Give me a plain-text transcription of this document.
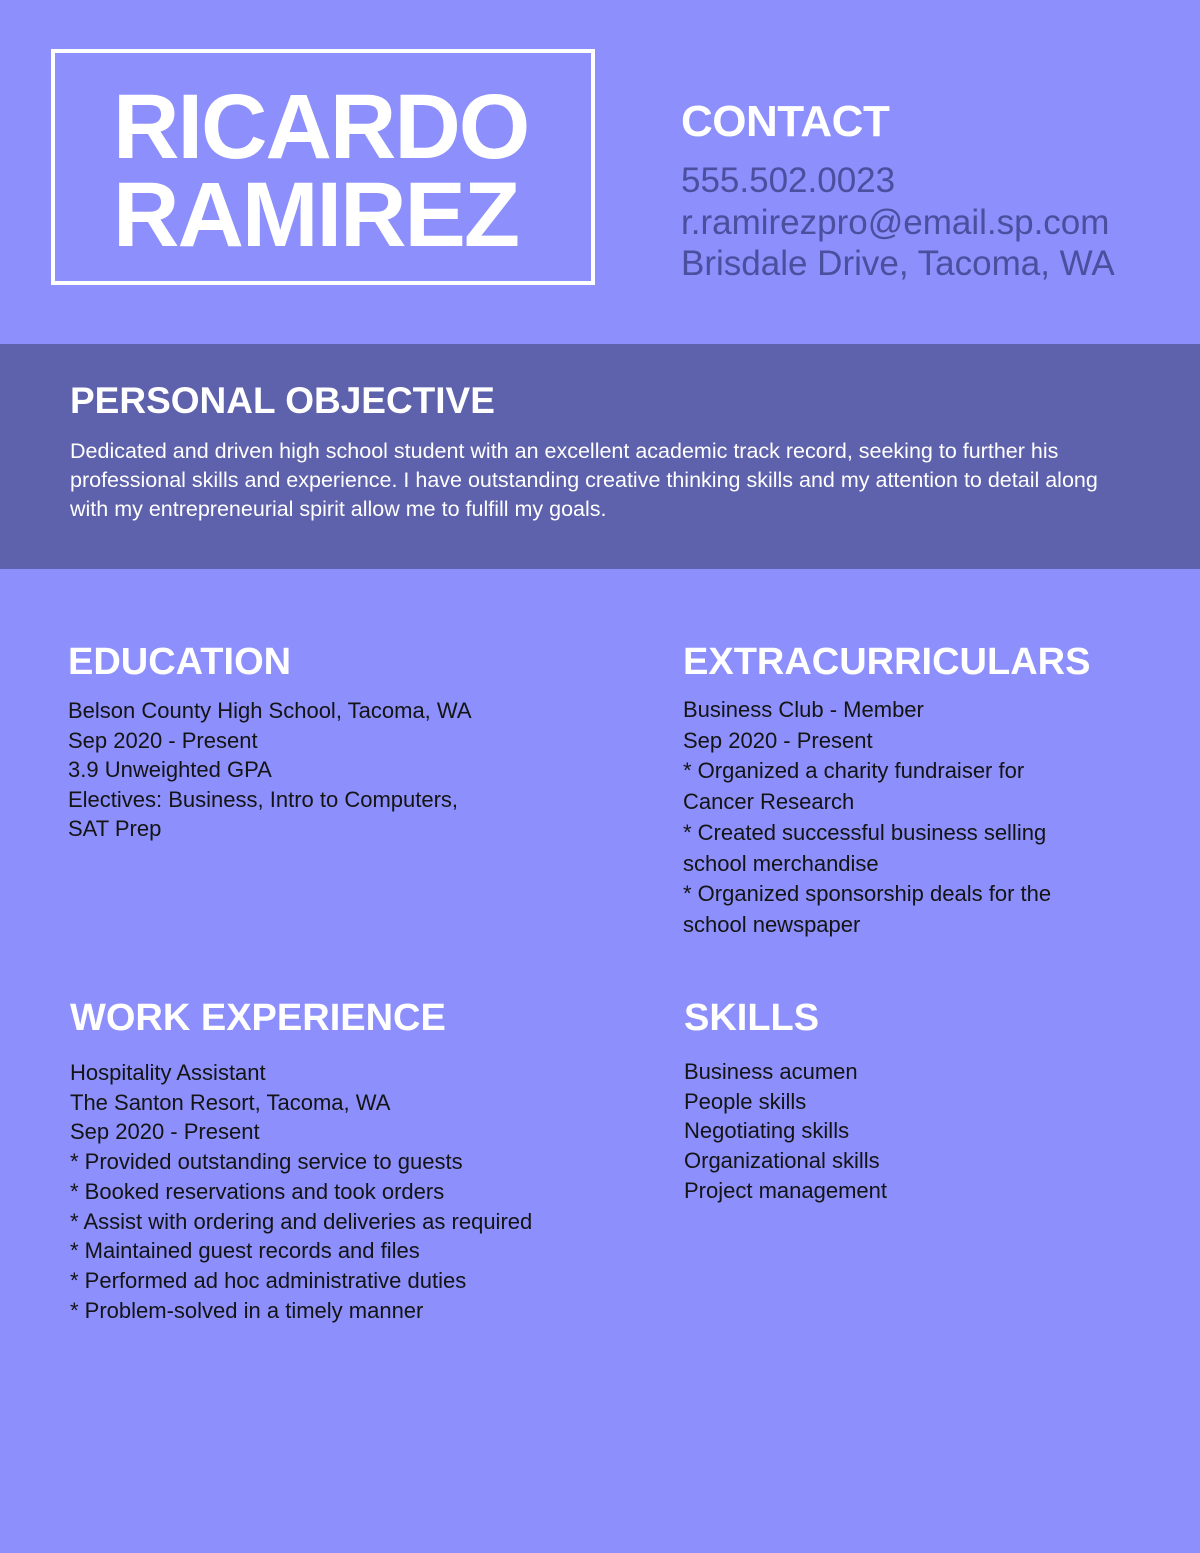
RICARDO
RAMIREZ
CONTACT
555.502.0023
r.ramirezpro@email.sp.com
Brisdale Drive, Tacoma, WA
PERSONAL OBJECTIVE
Dedicated and driven high school student with an excellent academic track record, seeking to further his professional skills and experience. I have outstanding creative thinking skills and my attention to detail along with my entrepreneurial spirit allow me to fulfill my goals.
EDUCATION
Belson County High School, Tacoma, WA
Sep 2020 - Present
3.9 Unweighted GPA
Electives: Business, Intro to Computers,
SAT Prep
EXTRACURRICULARS
Business Club - Member
Sep 2020 - Present
* Organized a charity fundraiser for
Cancer Research
* Created successful business selling
school merchandise
* Organized sponsorship deals for the
school newspaper
WORK EXPERIENCE
Hospitality Assistant
The Santon Resort, Tacoma, WA
Sep 2020 - Present
* Provided outstanding service to guests
* Booked reservations and took orders
* Assist with ordering and deliveries as required
* Maintained guest records and files
* Performed ad hoc administrative duties
* Problem-solved in a timely manner
SKILLS
Business acumen
People skills
Negotiating skills
Organizational skills
Project management
